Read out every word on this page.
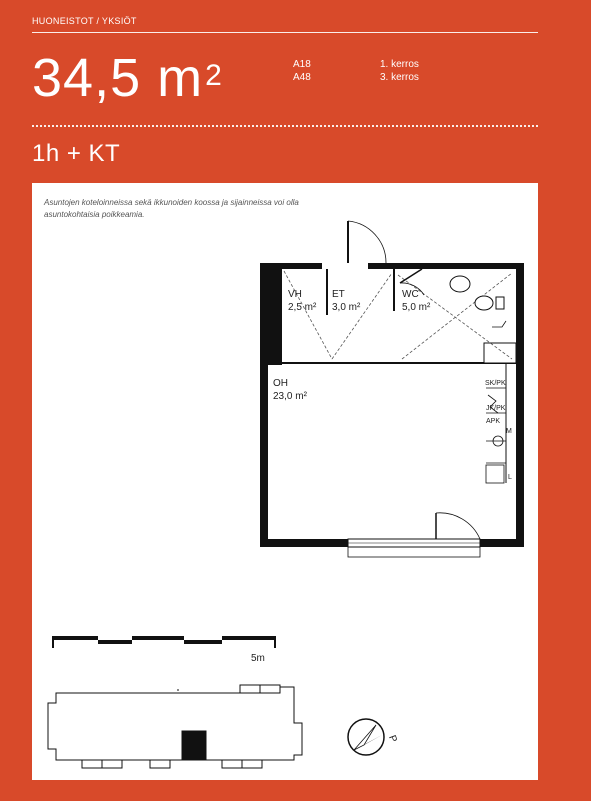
HUONEISTOT / YKSIÖT
34,5 $m^2$	A18
A48
1. kerros
3. kerros
1h + KT
Asuntojen koteloinneissa sekä ikkunoiden koossa ja sijainneissa voi olla asuntokohtaisia poikkeamia.
VH
2,5 m²
ET
3,0 m²
WC
5,0 m²
OH
23,0 m²
SK/PK
JK/PK
APK
M
L
5m
P
